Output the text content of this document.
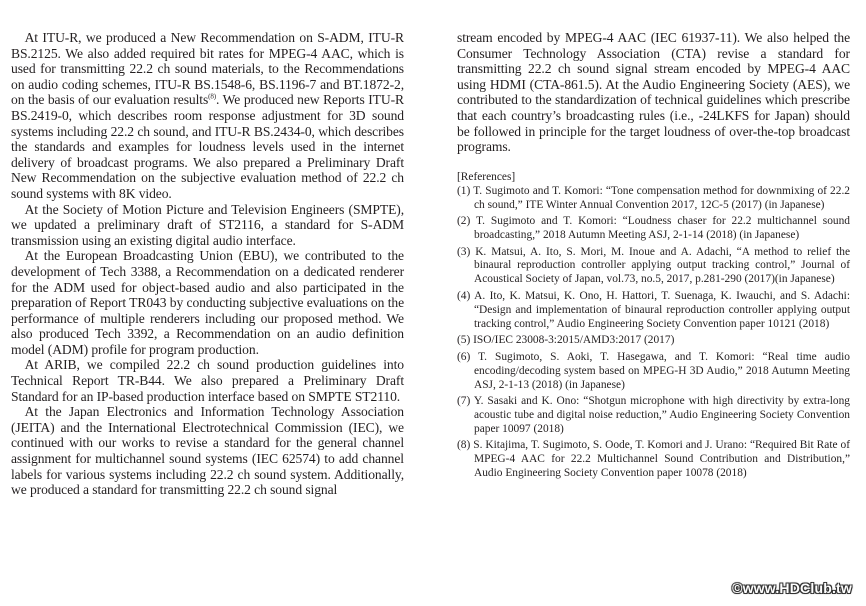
At ITU-R, we produced a New Recommendation on S-ADM, ITU-R BS.2125. We also added required bit rates for MPEG-4 AAC, which is used for transmitting 22.2 ch sound materials, to the Recommendations on audio coding schemes, ITU-R BS.1548-6, BS.1196-7 and BT.1872-2, on the basis of our evaluation results$^{(8)}$. We produced new Reports ITU-R BS.2419-0, which describes room response adjustment for 3D sound systems including 22.2 ch sound, and ITU-R BS.2434-0, which describes the standards and examples for loudness levels used in the internet delivery of broadcast programs. We also prepared a Preliminary Draft New Recommendation on the subjective evaluation method of 22.2 ch sound systems with 8K video.

At the Society of Motion Picture and Television Engineers (SMPTE), we updated a preliminary draft of ST2116, a standard for S-ADM transmission using an existing digital audio interface.

At the European Broadcasting Union (EBU), we contributed to the development of Tech 3388, a Recommendation on a dedicated renderer for the ADM used for object-based audio and also participated in the preparation of Report TR043 by conducting subjective evaluations on the performance of multiple renderers including our proposed method. We also produced Tech 3392, a Recommendation on an audio definition model (ADM) profile for program production.

At ARIB, we compiled 22.2 ch sound production guidelines into Technical Report TR-B44. We also prepared a Preliminary Draft Standard for an IP-based production interface based on SMPTE ST2110.

At the Japan Electronics and Information Technology Association (JEITA) and the International Electrotechnical Commission (IEC), we continued with our works to revise a standard for the general channel assignment for multichannel sound systems (IEC 62574) to add channel labels for various systems including 22.2 ch sound system. Additionally, we produced a standard for transmitting 22.2 ch sound signal

stream encoded by MPEG-4 AAC (IEC 61937-11). We also helped the Consumer Technology Association (CTA) revise a standard for transmitting 22.2 ch sound signal stream encoded by MPEG-4 AAC using HDMI (CTA-861.5). At the Audio Engineering Society (AES), we contributed to the standardization of technical guidelines which prescribe that each country’s broadcasting rules (i.e., -24LKFS for Japan) should be followed in principle for the target loudness of over-the-top broadcast programs.

[References]

(1) T. Sugimoto and T. Komori: “Tone compensation method for downmixing of 22.2 ch sound,” ITE Winter Annual Convention 2017, 12C-5 (2017) (in Japanese)

(2) T. Sugimoto and T. Komori: “Loudness chaser for 22.2 multichannel sound broadcasting,” 2018 Autumn Meeting ASJ, 2-1-14 (2018) (in Japanese)

(3) K. Matsui, A. Ito, S. Mori, M. Inoue and A. Adachi, “A method to relief the binaural reproduction controller applying output tracking control,” Journal of Acoustical Society of Japan, vol.73, no.5, 2017, p.281-290 (2017)(in Japanese)

(4) A. Ito, K. Matsui, K. Ono, H. Hattori, T. Suenaga, K. Iwauchi, and S. Adachi: “Design and implementation of binaural reproduction controller applying output tracking control,” Audio Engineering Society Convention paper 10121 (2018)

(5) ISO/IEC 23008-3:2015/AMD3:2017 (2017)

(6) T. Sugimoto, S. Aoki, T. Hasegawa, and T. Komori: “Real time audio encoding/decoding system based on MPEG-H 3D Audio,” 2018 Autumn Meeting ASJ, 2-1-13 (2018) (in Japanese)

(7) Y. Sasaki and K. Ono: “Shotgun microphone with high directivity by extra-long acoustic tube and digital noise reduction,” Audio Engineering Society Convention paper 10097 (2018)

(8) S. Kitajima, T. Sugimoto, S. Oode, T. Komori and J. Urano: “Required Bit Rate of MPEG-4 AAC for 22.2 Multichannel Sound Contribution and Distribution,” Audio Engineering Society Convention paper 10078 (2018)

©www.HDClub.tw
